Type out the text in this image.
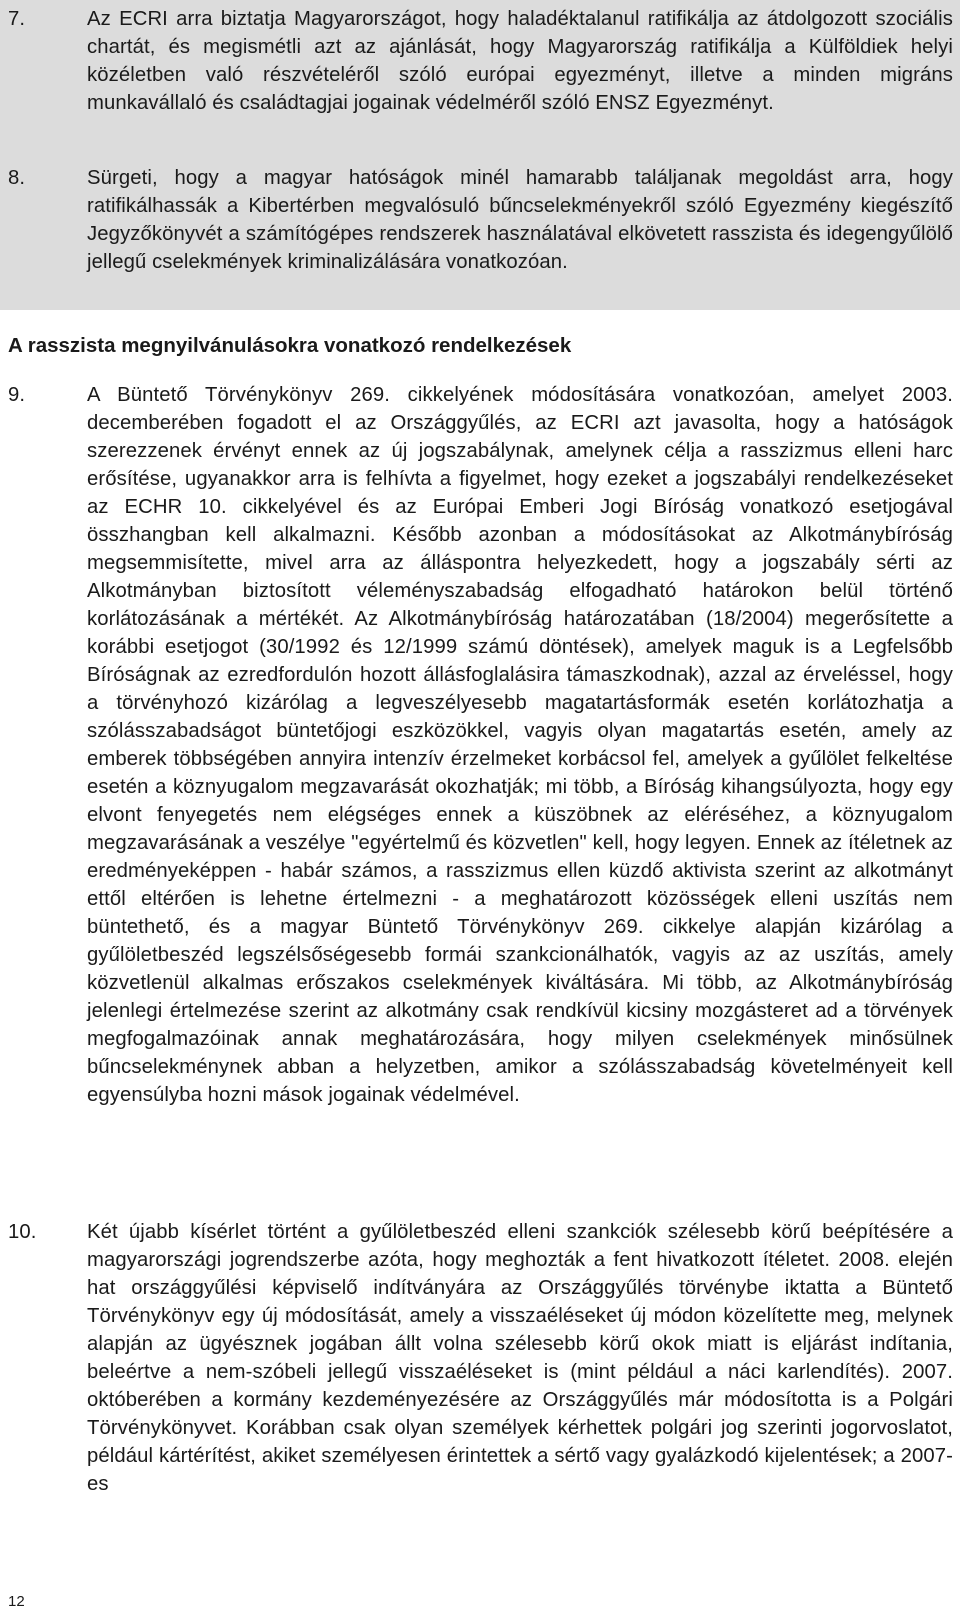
7.	Az ECRI arra biztatja Magyarországot, hogy haladéktalanul ratifikálja az átdolgozott szociális chartát, és megismétli azt az ajánlását, hogy Magyarország ratifikálja a Külföldiek helyi közéletben való részvételéről szóló európai egyezményt, illetve a minden migráns munkavállaló és családtagjai jogainak védelméről szóló ENSZ Egyezményt.
8.	Sürgeti, hogy a magyar hatóságok minél hamarabb találjanak megoldást arra, hogy ratifikálhassák a Kibertérben megvalósuló bűncselekményekről szóló Egyezmény kiegészítő Jegyzőkönyvét a számítógépes rendszerek használatával elkövetett rasszista és idegengyűlölő jellegű cselekmények kriminalizálására vonatkozóan.
A rasszista megnyilvánulásokra vonatkozó rendelkezések
9.	A Büntető Törvénykönyv 269. cikkelyének módosítására vonatkozóan, amelyet 2003. decemberében fogadott el az Országgyűlés, az ECRI azt javasolta, hogy a hatóságok szerezzenek érvényt ennek az új jogszabálynak, amelynek célja a rasszizmus elleni harc erősítése, ugyanakkor arra is felhívta a figyelmet, hogy ezeket a jogszabályi rendelkezéseket az ECHR 10. cikkelyével és az Európai Emberi Jogi Bíróság vonatkozó esetjogával összhangban kell alkalmazni. Később azonban a módosításokat az Alkotmánybíróság megsemmisítette, mivel arra az álláspontra helyezkedett, hogy a jogszabály sérti az Alkotmányban biztosított véleményszabadság elfogadható határokon belül történő korlátozásának a mértékét. Az Alkotmánybíróság határozatában (18/2004) megerősítette a korábbi esetjogot (30/1992 és 12/1999 számú döntések), amelyek maguk is a Legfelsőbb Bíróságnak az ezredfordulón hozott állásfoglalásira támaszkodnak), azzal az érveléssel, hogy a törvényhozó kizárólag a legveszélyesebb magatartásformák esetén korlátozhatja a szólásszabadságot büntetőjogi eszközökkel, vagyis olyan magatartás esetén, amely az emberek többségében annyira intenzív érzelmeket korbácsol fel, amelyek a gyűlölet felkeltése esetén a köznyugalom megzavarását okozhatják; mi több, a Bíróság kihangsúlyozta, hogy egy elvont fenyegetés nem elégséges ennek a küszöbnek az eléréséhez, a köznyugalom megzavarásának a veszélye "egyértelmű és közvetlen" kell, hogy legyen. Ennek az ítéletnek az eredményeképpen - habár számos, a rasszizmus ellen küzdő aktivista szerint az alkotmányt ettől eltérően is lehetne értelmezni - a meghatározott közösségek elleni uszítás nem büntethető, és a magyar Büntető Törvénykönyv 269. cikkelye alapján kizárólag a gyűlöletbeszéd legszélsőségesebb formái szankcionálhatók, vagyis az az uszítás, amely közvetlenül alkalmas erőszakos cselekmények kiváltására. Mi több, az Alkotmánybíróság jelenlegi értelmezése szerint az alkotmány csak rendkívül kicsiny mozgásteret ad a törvények megfogalmazóinak annak meghatározására, hogy milyen cselekmények minősülnek bűncselekménynek abban a helyzetben, amikor a szólásszabadság követelményeit kell egyensúlyba hozni mások jogainak védelmével.
10. Két újabb kísérlet történt a gyűlöletbeszéd elleni szankciók szélesebb körű beépítésére a magyarországi jogrendszerbe azóta, hogy meghozták a fent hivatkozott ítéletet. 2008. elején hat országgyűlési képviselő indítványára az Országgyűlés törvénybe iktatta a Büntető Törvénykönyv egy új módosítását, amely a visszaéléseket új módon közelítette meg, melynek alapján az ügyésznek jogában állt volna szélesebb körű okok miatt is eljárást indítania, beleértve a nem-szóbeli jellegű visszaéléseket is (mint például a náci karlendítés). 2007. októberében a kormány kezdeményezésére az Országgyűlés már módosította is a Polgári Törvénykönyvet. Korábban csak olyan személyek kérhettek polgári jog szerinti jogorvoslatot, például kártérítést, akiket személyesen érintettek a sértő vagy gyalázkodó kijelentések; a 2007-es
12
